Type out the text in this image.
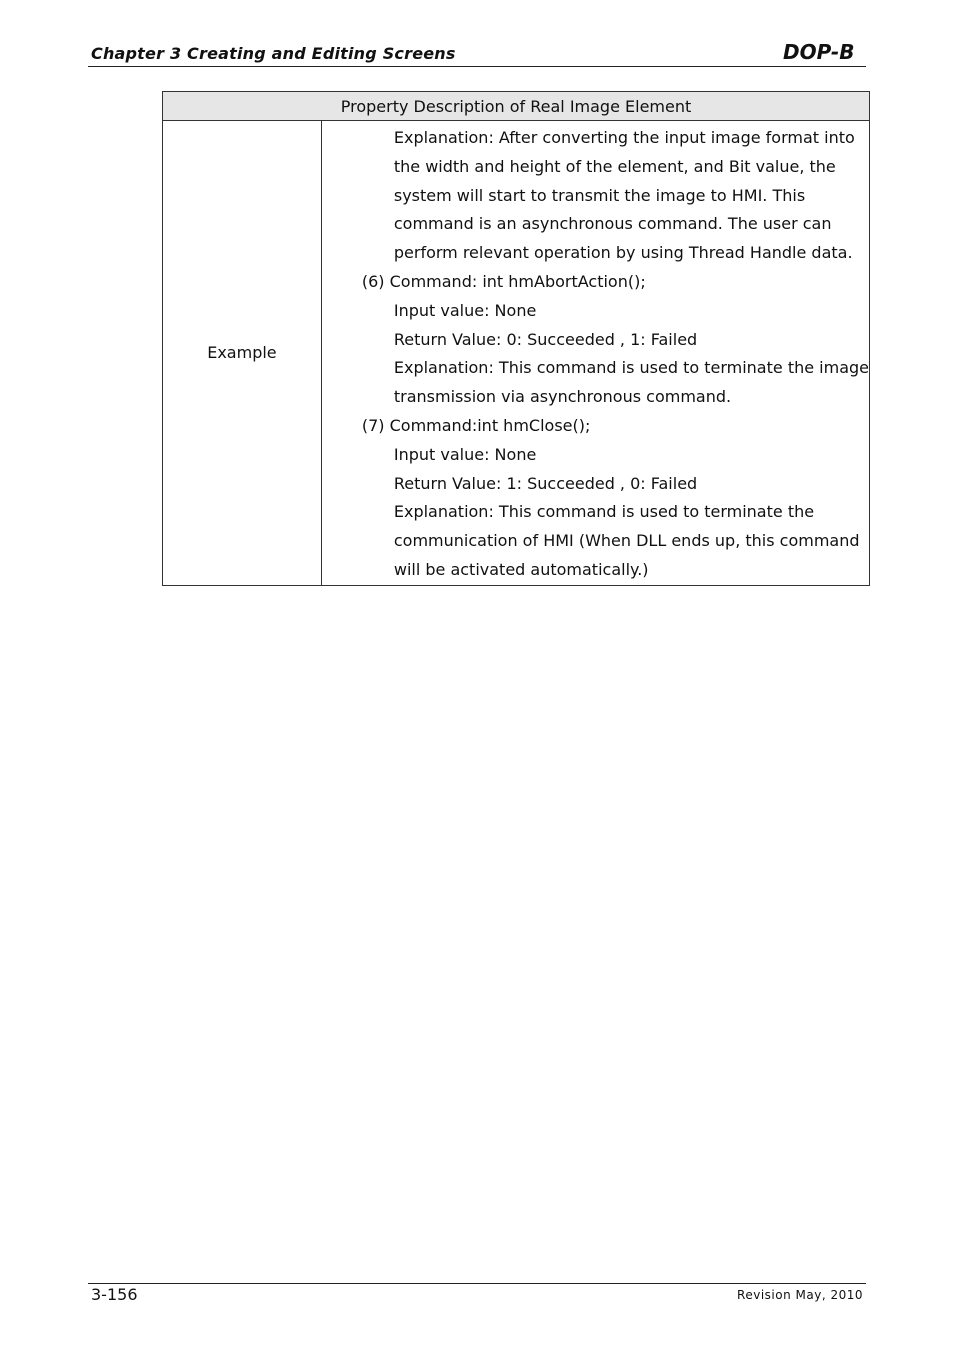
Chapter 3 Creating and Editing Screens	DOP-B
Property Description of Real Image Element
Example	
Explanation: After converting the input image format into
the width and height of the element, and Bit value, the
system will start to transmit the image to HMI. This
command is an asynchronous command. The user can
perform relevant operation by using Thread Handle data.
(6) Command: int hmAbortAction();
Input value: None
Return Value: 0: Succeeded , 1: Failed
Explanation: This command is used to terminate the image
transmission via asynchronous command.
(7) Command:int hmClose();
Input value: None
Return Value: 1: Succeeded , 0: Failed
Explanation: This command is used to terminate the
communication of HMI (When DLL ends up, this command
will be activated automatically.)
3-156	Revision May, 2010
